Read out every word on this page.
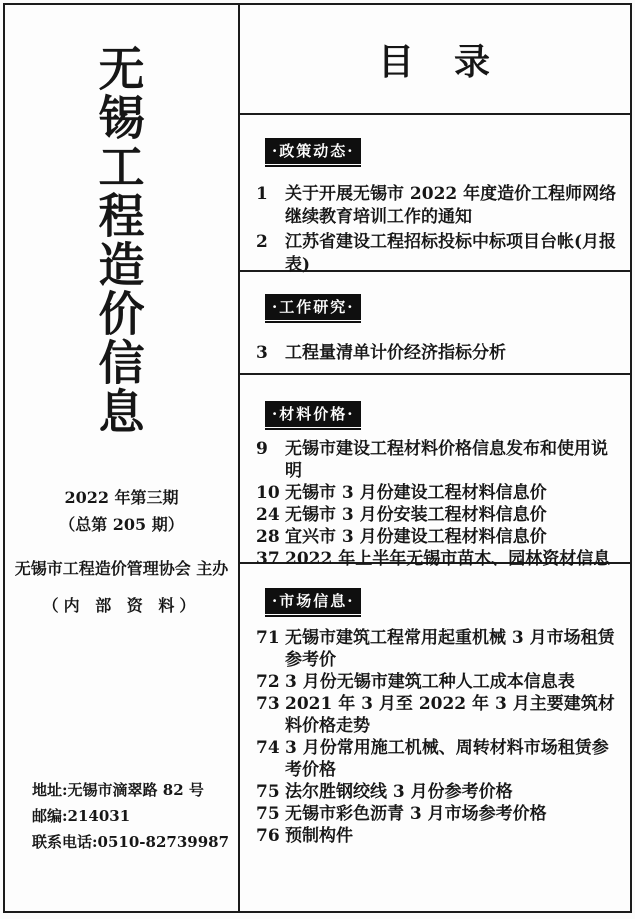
无
锡
工
程
造
价
信
息
2022 年第三期
（总第 205 期）
无锡市工程造价管理协会 主办
（内 部 资 料）
地址:无锡市滴翠路 82 号
邮编:214031
联系电话:0510-82739987
目　录
·政策动态·
1	关于开展无锡市 2022 年度造价工程师网络继续教育培训工作的通知
2	江苏省建设工程招标投标中标项目台帐(月报表)
·工作研究·
3	工程量清单计价经济指标分析
·材料价格·
9	无锡市建设工程材料价格信息发布和使用说明
10 无锡市 3 月份建设工程材料信息价
24 无锡市 3 月份安装工程材料信息价
28 宜兴市 3 月份建设工程材料信息价
37 2022 年上半年无锡市苗木、园林资材信息
·市场信息·
71 无锡市建筑工程常用起重机械 3 月市场租赁参考价
72 3 月份无锡市建筑工种人工成本信息表
73 2021 年 3 月至 2022 年 3 月主要建筑材料价格走势
74 3 月份常用施工机械、周转材料市场租赁参考价格
75 法尔胜钢绞线 3 月份参考价格
75 无锡市彩色沥青 3 月市场参考价格
76 预制构件
